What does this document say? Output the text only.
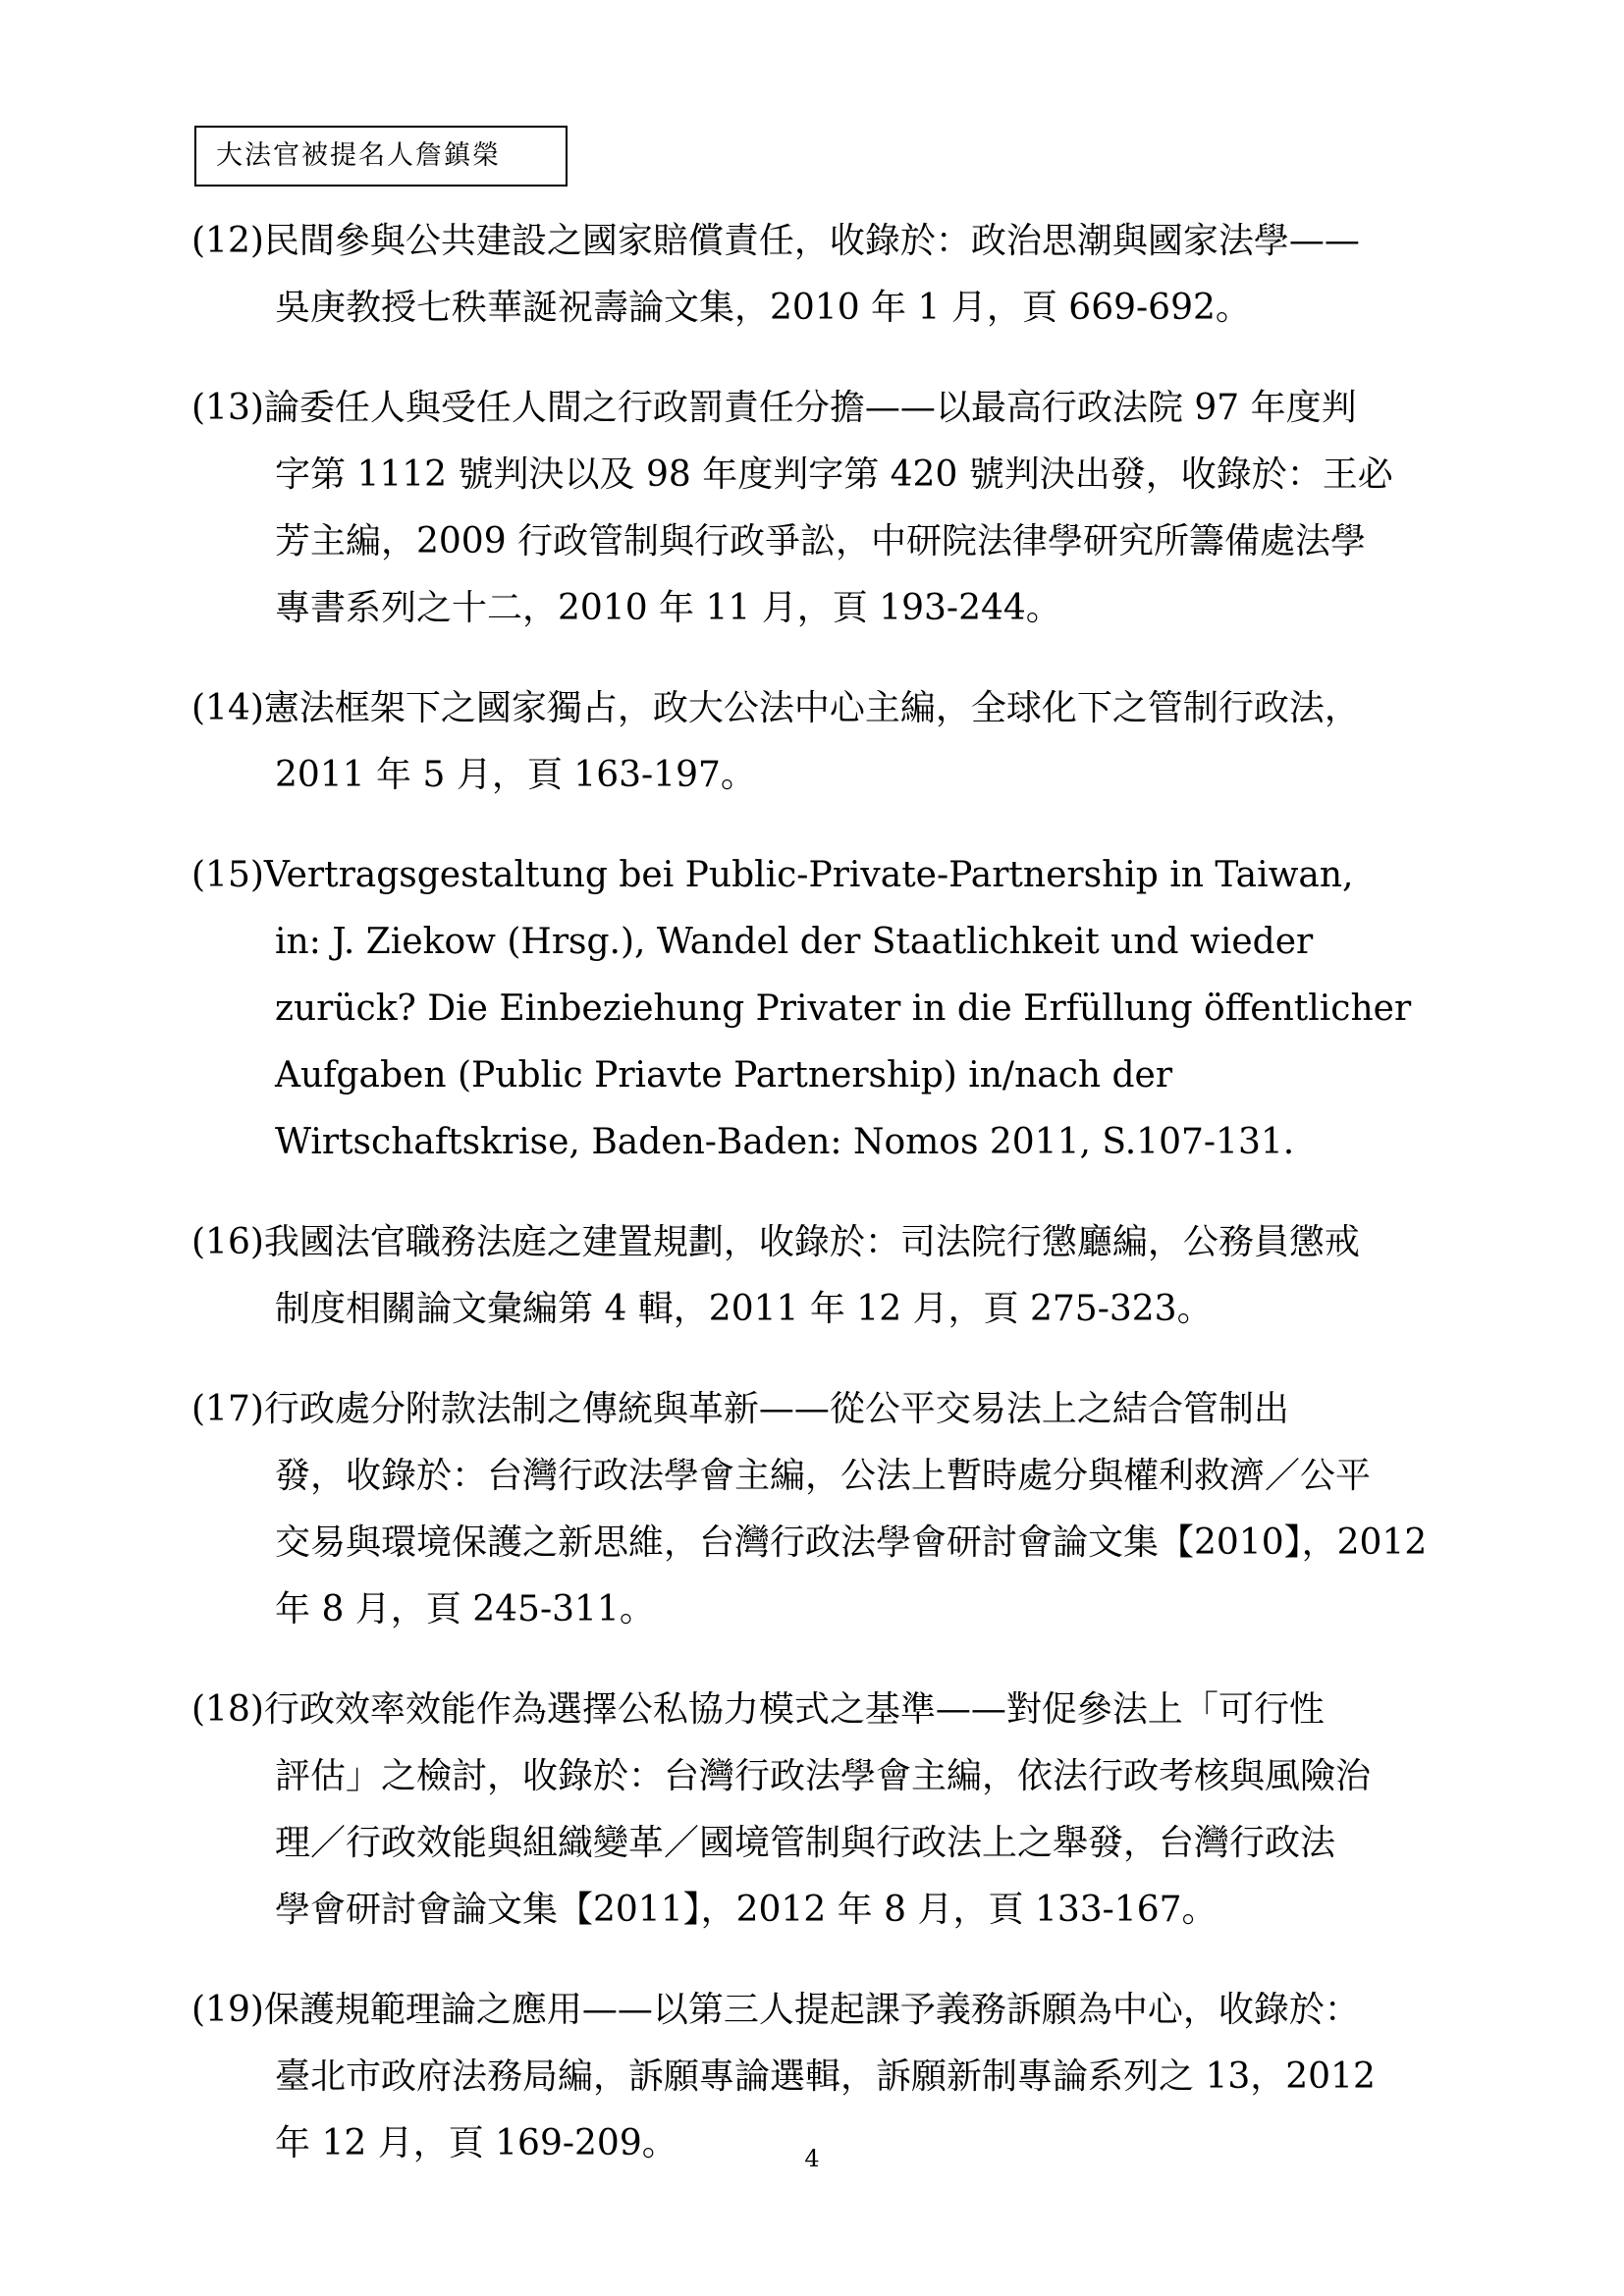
大法官被提名人詹鎮榮
(12)民間參與公共建設之國家賠償責任，收錄於：政治思潮與國家法學——
吳庚教授七秩華誕祝壽論文集，2010 年 1 月，頁 669-692。
(13)論委任人與受任人間之行政罰責任分擔——以最高行政法院 97 年度判
字第 1112 號判決以及 98 年度判字第 420 號判決出發，收錄於：王必
芳主編，2009 行政管制與行政爭訟，中研院法律學研究所籌備處法學
專書系列之十二，2010 年 11 月，頁 193-244。
(14)憲法框架下之國家獨占，政大公法中心主編，全球化下之管制行政法，
2011 年 5 月，頁 163-197。
(15)Vertragsgestaltung bei Public-Private-Partnership in Taiwan,
in: J. Ziekow (Hrsg.), Wandel der Staatlichkeit und wieder
zurück? Die Einbeziehung Privater in die Erfüllung öffentlicher
Aufgaben (Public Priavte Partnership) in/nach der
Wirtschaftskrise, Baden-Baden: Nomos 2011, S.107-131.
(16)我國法官職務法庭之建置規劃，收錄於：司法院行懲廳編，公務員懲戒
制度相關論文彙編第 4 輯，2011 年 12 月，頁 275-323。
(17)行政處分附款法制之傳統與革新——從公平交易法上之結合管制出
發，收錄於：台灣行政法學會主編，公法上暫時處分與權利救濟／公平
交易與環境保護之新思維，台灣行政法學會研討會論文集【2010】，2012
年 8 月，頁 245-311。
(18)行政效率效能作為選擇公私協力模式之基準——對促參法上「可行性
評估」之檢討，收錄於：台灣行政法學會主編，依法行政考核與風險治
理／行政效能與組織變革／國境管制與行政法上之舉發，台灣行政法
學會研討會論文集【2011】，2012 年 8 月，頁 133-167。
(19)保護規範理論之應用——以第三人提起課予義務訴願為中心，收錄於：
臺北市政府法務局編，訴願專論選輯，訴願新制專論系列之 13，2012
年 12 月，頁 169-209。	4
